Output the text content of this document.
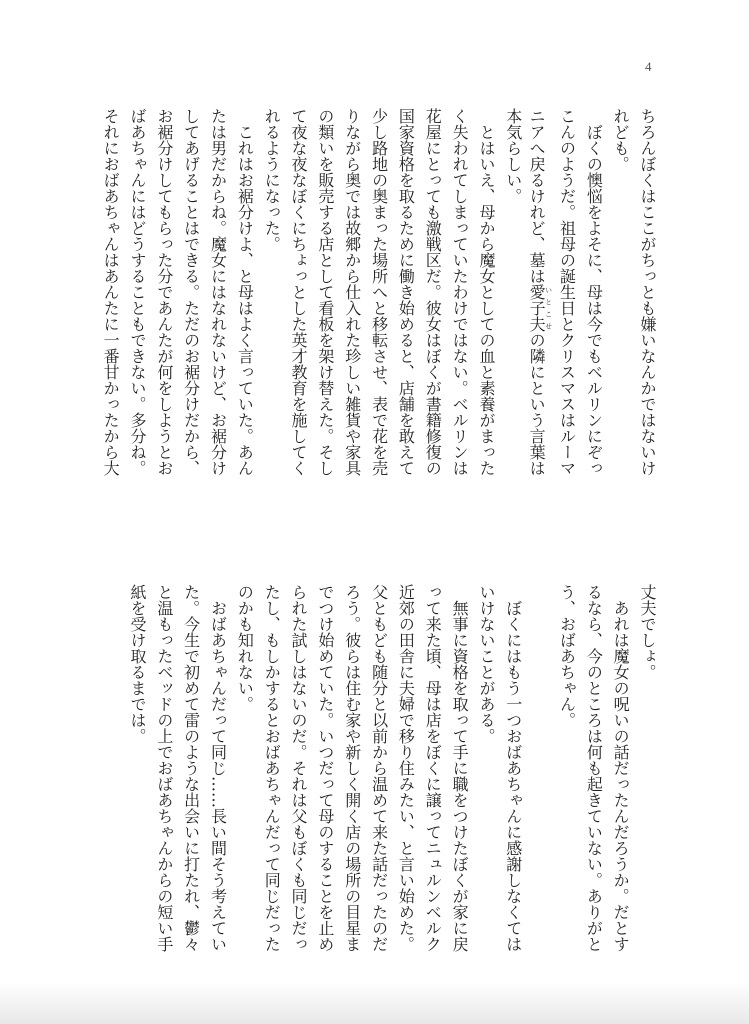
4
ちろんぼくはここがちっとも嫌いなんかではないけ
れども。
　ぼくの懊悩をよそに、母は今でもベルリンにぞっ
こんのようだ。祖母の誕生日とクリスマスはルーマ
ニアへ戻るけれど、墓は愛子夫いとこせの隣にという言葉は
本気らしい。
　とはいえ、母から魔女としての血と素養がまった
く失われてしまっていたわけではない。ベルリンは
花屋にとっても激戦区だ。彼女はぼくが書籍修復の
国家資格を取るために働き始めると、店舗を敢えて
少し路地の奥まった場所へと移転させ、表で花を売
りながら奥では故郷から仕入れた珍しい雑貨や家具
の類いを販売する店として看板を架け替えた。そし
て夜な夜なぼくにちょっとした英才教育を施してく
れるようになった。
　これはお裾分けよ、と母はよく言っていた。あん
たは男だからね。魔女にはなれないけど、お裾分け
してあげることはできる。ただのお裾分けだから、
お裾分けしてもらった分であんたが何をしようとお
ばあちゃんにはどうすることもできない。多分ね。
それにおばあちゃんはあんたに一番甘かったから大
丈夫でしょ。
　あれは魔女の呪いの話だったんだろうか。だとす
るなら、今のところは何も起きていない。ありがと
う、おばあちゃん。
　ぼくにはもう一つおばあちゃんに感謝しなくては
いけないことがある。
　無事に資格を取って手に職をつけたぼくが家に戻
って来た頃、母は店をぼくに譲ってニュルンベルク
近郊の田舎に夫婦で移り住みたい、と言い始めた。
父ともども随分と以前から温めて来た話だったのだ
ろう。彼らは住む家や新しく開く店の場所の目星ま
でつけ始めていた。いつだって母のすることを止め
られた試しはないのだ。それは父もぼくも同じだっ
たし、もしかするとおばあちゃんだって同じだった
のかも知れない。
　おばあちゃんだって同じ……長い間そう考えてい
た。今生で初めて雷のような出会いに打たれ、鬱々
と温もったベッドの上でおばあちゃんからの短い手
紙を受け取るまでは。
